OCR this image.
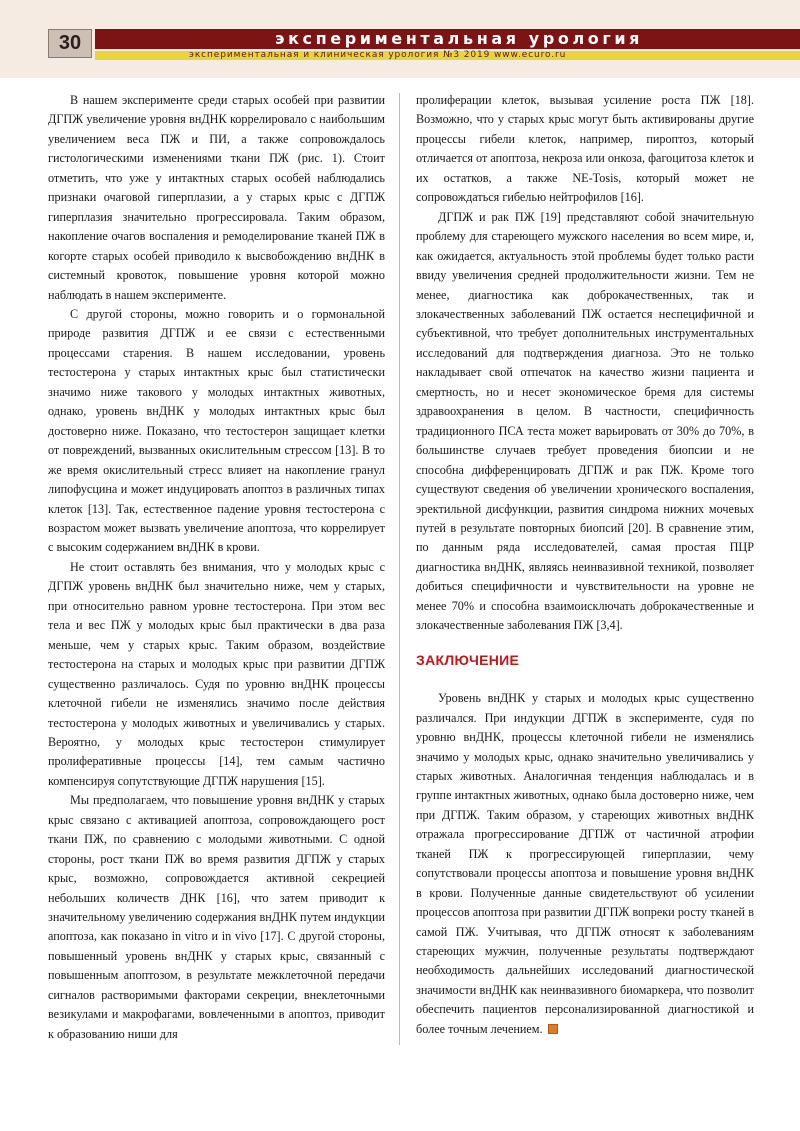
30	экспериментальная урология
экспериментальная и клиническая урология №3 2019 www.ecuro.ru

В нашем эксперименте среди старых особей при развитии ДГПЖ увеличение уровня внДНК коррелировало с наибольшим увеличением веса ПЖ и ПИ, а также сопровождалось гистологическими изменениями ткани ПЖ (рис. 1). Стоит отметить, что уже у интактных старых особей наблюдались признаки очаговой гиперплазии, а у старых крыс с ДГПЖ гиперплазия значительно прогрессировала. Таким образом, накопление очагов воспаления и ремоделирование тканей ПЖ в когорте старых особей приводило к высвобождению внДНК в системный кровоток, повышение уровня которой можно наблюдать в нашем эксперименте.

С другой стороны, можно говорить и о гормональной природе развития ДГПЖ и ее связи с естественными процессами старения. В нашем исследовании, уровень тестостерона у старых интактных крыс был статистически значимо ниже такового у молодых интактных животных, однако, уровень внДНК у молодых интактных крыс был достоверно ниже. Показано, что тестостерон защищает клетки от повреждений, вызванных окислительным стрессом [13]. В то же время окислительный стресс влияет на накопление гранул липофусцина и может индуцировать апоптоз в различных типах клеток [13]. Так, естественное падение уровня тестостерона с возрастом может вызвать увеличение апоптоза, что коррелирует с высоким содержанием внДНК в крови.

Не стоит оставлять без внимания, что у молодых крыс с ДГПЖ уровень внДНК был значительно ниже, чем у старых, при относительно равном уровне тестостерона. При этом вес тела и вес ПЖ у молодых крыс был практически в два раза меньше, чем у старых крыс. Таким образом, воздействие тестостерона на старых и молодых крыс при развитии ДГПЖ существенно различалось. Судя по уровню внДНК процессы клеточной гибели не изменялись значимо после действия тестостерона у молодых животных и увеличивались у старых. Вероятно, у молодых крыс тестостерон стимулирует пролиферативные процессы [14], тем самым частично компенсируя сопутствующие ДГПЖ нарушения [15].

Мы предполагаем, что повышение уровня внДНК у старых крыс связано с активацией апоптоза, сопровождающего рост ткани ПЖ, по сравнению с молодыми животными. С одной стороны, рост ткани ПЖ во время развития ДГПЖ у старых крыс, возможно, сопровождается активной секрецией небольших количеств ДНК [16], что затем приводит к значительному увеличению содержания внДНК путем индукции апоптоза, как показано in vitro и in vivo [17]. С другой стороны, повышенный уровень внДНК у старых крыс, связанный с повышенным апоптозом, в результате межклеточной передачи сигналов растворимыми факторами секреции, внеклеточными везикулами и макрофагами, вовлеченными в апоптоз, приводит к образованию ниши для

пролиферации клеток, вызывая усиление роста ПЖ [18]. Возможно, что у старых крыс могут быть активированы другие процессы гибели клеток, например, пироптоз, который отличается от апоптоза, некроза или онкоза, фагоцитоза клеток и их остатков, а также NE-Tosis, который может не сопровождаться гибелью нейтрофилов [16].

ДГПЖ и рак ПЖ [19] представляют собой значительную проблему для стареющего мужского населения во всем мире, и, как ожидается, актуальность этой проблемы будет только расти ввиду увеличения средней продолжительности жизни. Тем не менее, диагностика как доброкачественных, так и злокачественных заболеваний ПЖ остается неспецифичной и субъективной, что требует дополнительных инструментальных исследований для подтверждения диагноза. Это не только накладывает свой отпечаток на качество жизни пациента и смертность, но и несет экономическое бремя для системы здравоохранения в целом. В частности, специфичность традиционного ПСА теста может варьировать от 30% до 70%, в большинстве случаев требует проведения биопсии и не способна дифференцировать ДГПЖ и рак ПЖ. Кроме того существуют сведения об увеличении хронического воспаления, эректильной дисфункции, развития синдрома нижних мочевых путей в результате повторных биопсий [20]. В сравнение этим, по данным ряда исследователей, самая простая ПЦР диагностика внДНК, являясь неинвазивной техникой, позволяет добиться специфичности и чувствительности на уровне не менее 70% и способна взаимоисключать доброкачественные и злокачественные заболевания ПЖ [3,4].

ЗАКЛЮЧЕНИЕ

Уровень внДНК у старых и молодых крыс существенно различался. При индукции ДГПЖ в эксперименте, судя по уровню внДНК, процессы клеточной гибели не изменялись значимо у молодых крыс, однако значительно увеличивались у старых животных. Аналогичная тенденция наблюдалась и в группе интактных животных, однако была достоверно ниже, чем при ДГПЖ. Таким образом, у стареющих животных внДНК отражала прогрессирование ДГПЖ от частичной атрофии тканей ПЖ к прогрессирующей гиперплазии, чему сопутствовали процессы апоптоза и повышение уровня внДНК в крови. Полученные данные свидетельствуют об усилении процессов апоптоза при развитии ДГПЖ вопреки росту тканей в самой ПЖ. Учитывая, что ДГПЖ относят к заболеваниям стареющих мужчин, полученные результаты подтверждают необходимость дальнейших исследований диагностической значимости внДНК как неинвазивного биомаркера, что позволит обеспечить пациентов персонализированной диагностикой и более точным лечением.
